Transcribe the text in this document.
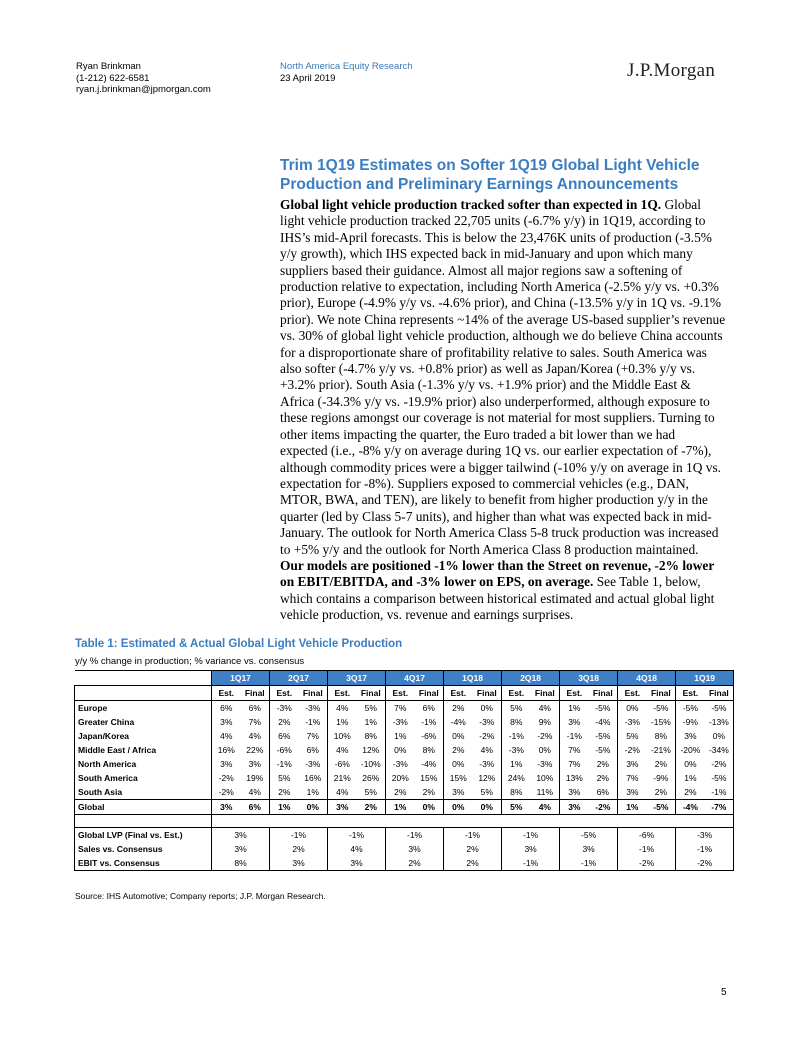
Ryan Brinkman
(1-212) 622-6581
ryan.j.brinkman@jpmorgan.com
North America Equity Research
23 April 2019	J.P.Morgan
Trim 1Q19 Estimates on Softer 1Q19 Global Light Vehicle Production and Preliminary Earnings Announcements

Global light vehicle production tracked softer than expected in 1Q. Global light vehicle production tracked 22,705 units (-6.7% y/y) in 1Q19, according to IHS’s mid-April forecasts. This is below the 23,476K units of production (-3.5% y/y growth), which IHS expected back in mid-January and upon which many suppliers based their guidance. Almost all major regions saw a softening of production relative to expectation, including North America (-2.5% y/y vs. +0.3% prior), Europe (-4.9% y/y vs. -4.6% prior), and China (-13.5% y/y in 1Q vs. -9.1% prior). We note China represents ~14% of the average US-based supplier’s revenue vs. 30% of global light vehicle production, although we do believe China accounts for a disproportionate share of profitability relative to sales. South America was also softer (-4.7% y/y vs. +0.8% prior) as well as Japan/Korea (+0.3% y/y vs. +3.2% prior). South Asia (-1.3% y/y vs. +1.9% prior) and the Middle East & Africa (-34.3% y/y vs. -19.9% prior) also underperformed, although exposure to these regions amongst our coverage is not material for most suppliers. Turning to other items impacting the quarter, the Euro traded a bit lower than we had expected (i.e., -8% y/y on average during 1Q vs. our earlier expectation of -7%), although commodity prices were a bigger tailwind (-10% y/y on average in 1Q vs. expectation for -8%). Suppliers exposed to commercial vehicles (e.g., DAN, MTOR, BWA, and TEN), are likely to benefit from higher production y/y in the quarter (led by Class 5-7 units), and higher than what was expected back in mid-January. The outlook for North America Class 5-8 truck production was increased to +5% y/y and the outlook for North America Class 8 production maintained.

Our models are positioned -1% lower than the Street on revenue, -2% lower on EBIT/EBITDA, and -3% lower on EPS, on average. See Table 1, below, which contains a comparison between historical estimated and actual global light vehicle production, vs. revenue and earnings surprises.

Table 1: Estimated & Actual Global Light Vehicle Production
y/y % change in production; % variance vs. consensus
	1Q17		2Q17		3Q17		4Q17		1Q18		2Q18		3Q18		4Q18		1Q19	
	Est.	Final	Est.	Final	Est.	Final	Est.	Final	Est.	Final	Est.	Final	Est.	Final	Est.	Final	Est.	Final
Europe	6%	6%	-3%	-3%	4%	5%	7%	6%	2%	0%	5%	4%	1%	-5%	0%	-5%	-5%	-5%
Greater China	3%	7%	2%	-1%	1%	1%	-3%	-1%	-4%	-3%	8%	9%	3%	-4%	-3%	-15%	-9%	-13%
Japan/Korea	4%	4%	6%	7%	10%	8%	1%	-6%	0%	-2%	-1%	-2%	-1%	-5%	5%	8%	3%	0%
Middle East / Africa	16%	22%	-6%	6%	4%	12%	0%	8%	2%	4%	-3%	0%	7%	-5%	-2%	-21%	-20%	-34%
North America	3%	3%	-1%	-3%	-6%	-10%	-3%	-4%	0%	-3%	1%	-3%	7%	2%	3%	2%	0%	-2%
South America	-2%	19%	5%	16%	21%	26%	20%	15%	15%	12%	24%	10%	13%	2%	7%	-9%	1%	-5%
South Asia	-2%	4%	2%	1%	4%	5%	2%	2%	3%	5%	8%	11%	3%	6%	3%	2%	2%	-1%
Global	3%	6%	1%	0%	3%	2%	1%	0%	0%	0%	5%	4%	3%	-2%	1%	-5%	-4%	-7%

Global LVP (Final vs. Est.)	3%		-1%		-1%		-1%		-1%		-1%		-5%		-6%		-3%	
Sales vs. Consensus	3%		2%		4%		3%		2%		3%		3%		-1%		-1%	
EBIT vs. Consensus	8%		3%		3%		2%		2%		-1%		-1%		-2%		-2%	
Source: IHS Automotive; Company reports; J.P. Morgan Research.
5
